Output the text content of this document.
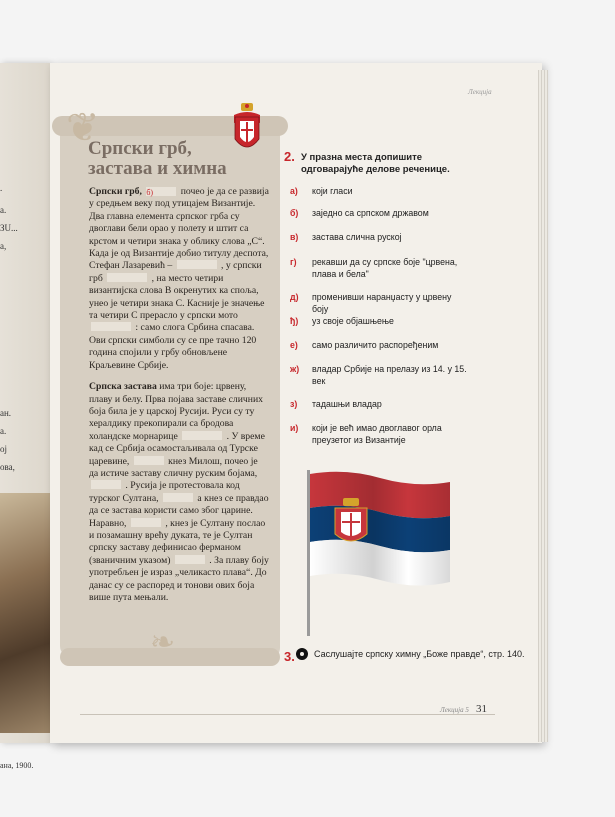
.
a.
ЗU...
a,
ан.
а.
ој
ова,
ана, 1900.
Лекција
❦
❧
Српски грб,
застава и химна

Српски грб, б)	почео је да се развија у средњем веку под утицајем Византије. Два главна елемента српског грба су двоглави бели орао у полету и штит са крстом и четири знака у облику слова „С“. Када је од Византије добио титулу деспота, Стефан Лазаревић –	, у српски грб	, на место четири византијска слова В окренутих ка споља, унео је четири знака С. Касније је значење та четири С прерасло у српски мото  : само слога Србина спасава. Ови српски симболи су се пре тачно 120 година спојили у грбу обновљене Краљевине Србије.

Српска застава има три боје: црвену, плаву и белу. Прва појава заставе сличних боја била је у царској Русији. Руси су ту хералдику прекопирали са бродова холандске морнарице	. У време кад се Србија осамостаљивала од Турске царевине,	кнез Милош, почео је да истиче заставу сличну руским бојама,  . Русија је протестовала код турског Султана,	а кнез се правдао да се застава користи само због царине. Наравно,	, кнез је Султану послао и позамашну врећу дуката, те је Султан српску заставу дефинисао ферманом (званичним указом)	. За плаву боју употребљен је израз „челикасто плава“. До данас су се распоред и тонови ових боја више пута мењали.

2. У празна места допишите одговарајуће делове реченице.
а) који гласи
б) заједно са српском државом
в) застава слична руској
г) рекавши да су српске боје "црвена, плава и бела"
д) променивши наранџасту у црвену боју
ђ) уз своје објашњење
е) само различито распоређеним
ж) владар Србије на прелазу из 14. у 15. век
з) тадашњи владар
и) који је већ имао двоглавог орла преузетог из Византије
3. Саслушајте српску химну „Боже правде“, стр. 140.
Лекција 5 31
